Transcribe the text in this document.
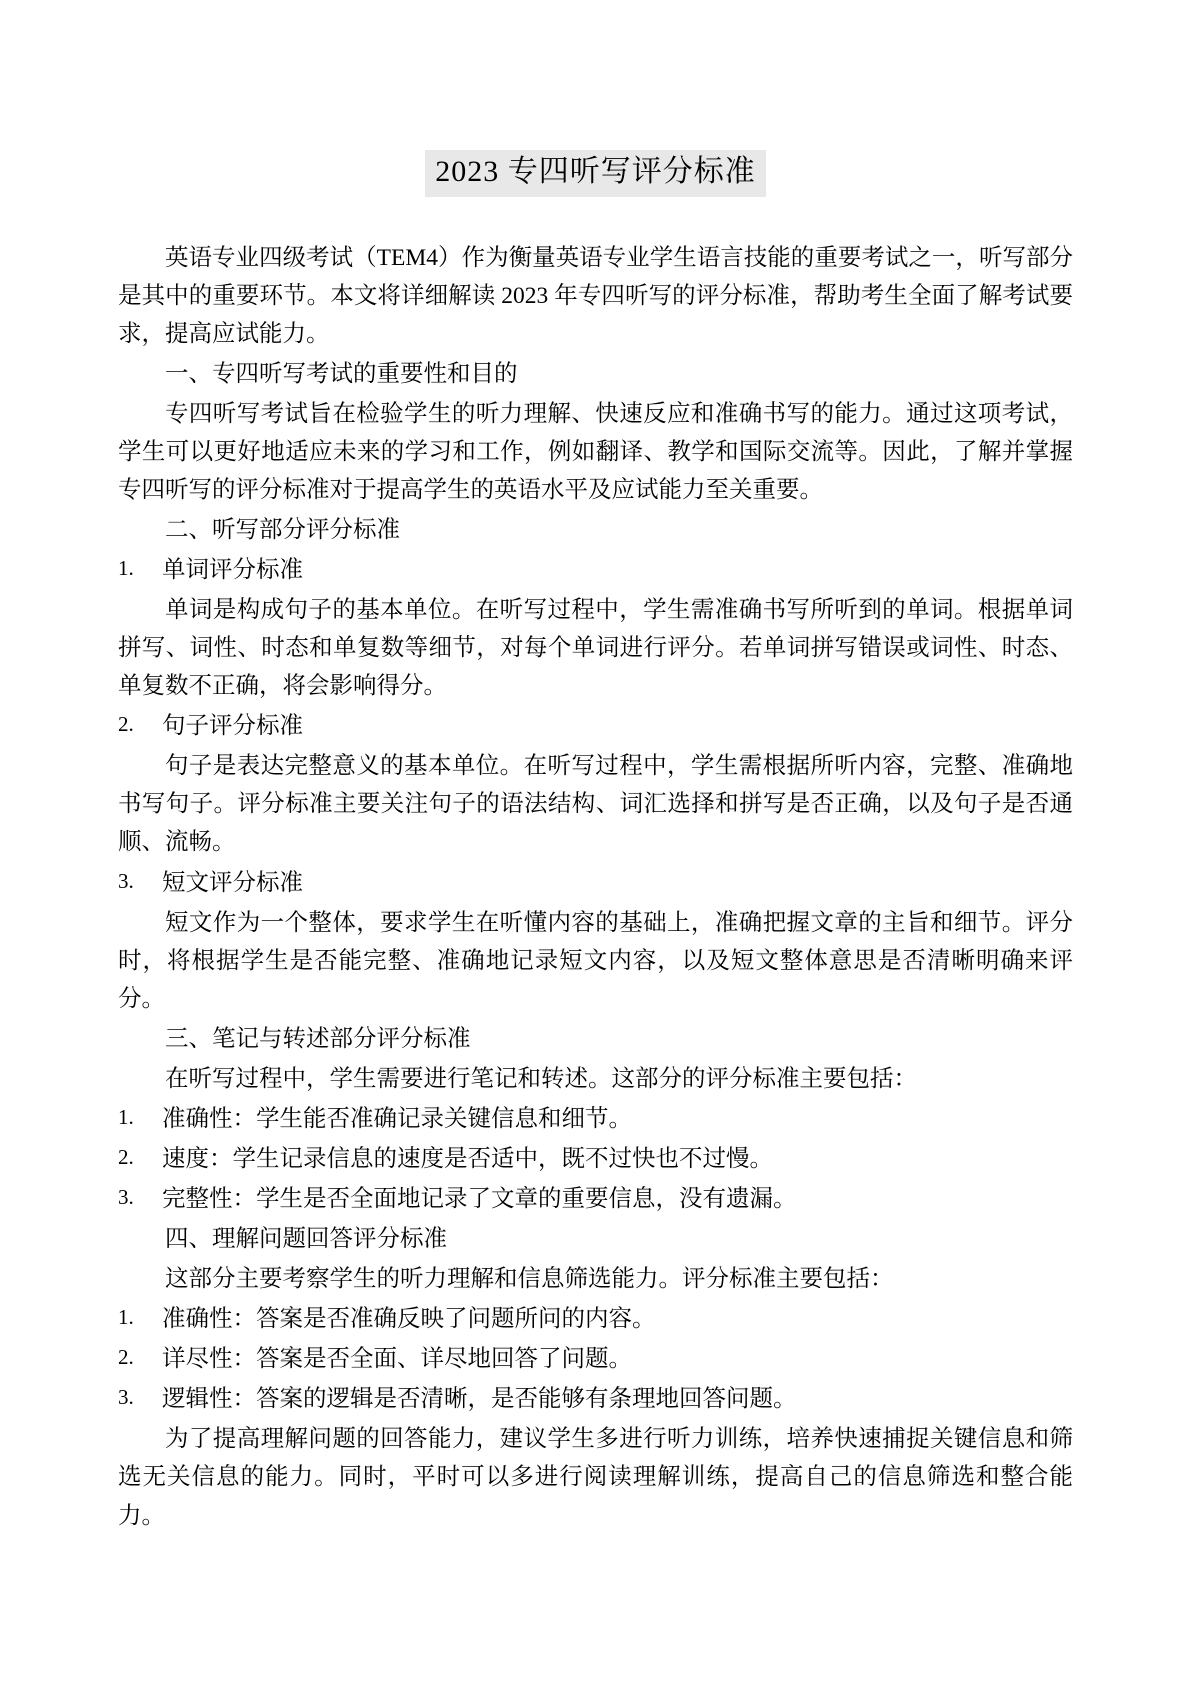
2023 专四听写评分标准

英语专业四级考试（TEM4）作为衡量英语专业学生语言技能的重要考试之一，听写部分是其中的重要环节。本文将详细解读 2023 年专四听写的评分标准，帮助考生全面了解考试要求，提高应试能力。

一、专四听写考试的重要性和目的

专四听写考试旨在检验学生的听力理解、快速反应和准确书写的能力。通过这项考试，学生可以更好地适应未来的学习和工作，例如翻译、教学和国际交流等。因此，了解并掌握专四听写的评分标准对于提高学生的英语水平及应试能力至关重要。

二、听写部分评分标准

1.	单词评分标准

单词是构成句子的基本单位。在听写过程中，学生需准确书写所听到的单词。根据单词拼写、词性、时态和单复数等细节，对每个单词进行评分。若单词拼写错误或词性、时态、单复数不正确，将会影响得分。

2.	句子评分标准

句子是表达完整意义的基本单位。在听写过程中，学生需根据所听内容，完整、准确地书写句子。评分标准主要关注句子的语法结构、词汇选择和拼写是否正确，以及句子是否通顺、流畅。

3.	短文评分标准

短文作为一个整体，要求学生在听懂内容的基础上，准确把握文章的主旨和细节。评分时，将根据学生是否能完整、准确地记录短文内容，以及短文整体意思是否清晰明确来评分。

三、笔记与转述部分评分标准

在听写过程中，学生需要进行笔记和转述。这部分的评分标准主要包括：

1.	准确性：学生能否准确记录关键信息和细节。
2.	速度：学生记录信息的速度是否适中，既不过快也不过慢。
3.	完整性：学生是否全面地记录了文章的重要信息，没有遗漏。

四、理解问题回答评分标准

这部分主要考察学生的听力理解和信息筛选能力。评分标准主要包括：

1.	准确性：答案是否准确反映了问题所问的内容。
2.	详尽性：答案是否全面、详尽地回答了问题。
3.	逻辑性：答案的逻辑是否清晰，是否能够有条理地回答问题。

为了提高理解问题的回答能力，建议学生多进行听力训练，培养快速捕捉关键信息和筛选无关信息的能力。同时，平时可以多进行阅读理解训练，提高自己的信息筛选和整合能力。
